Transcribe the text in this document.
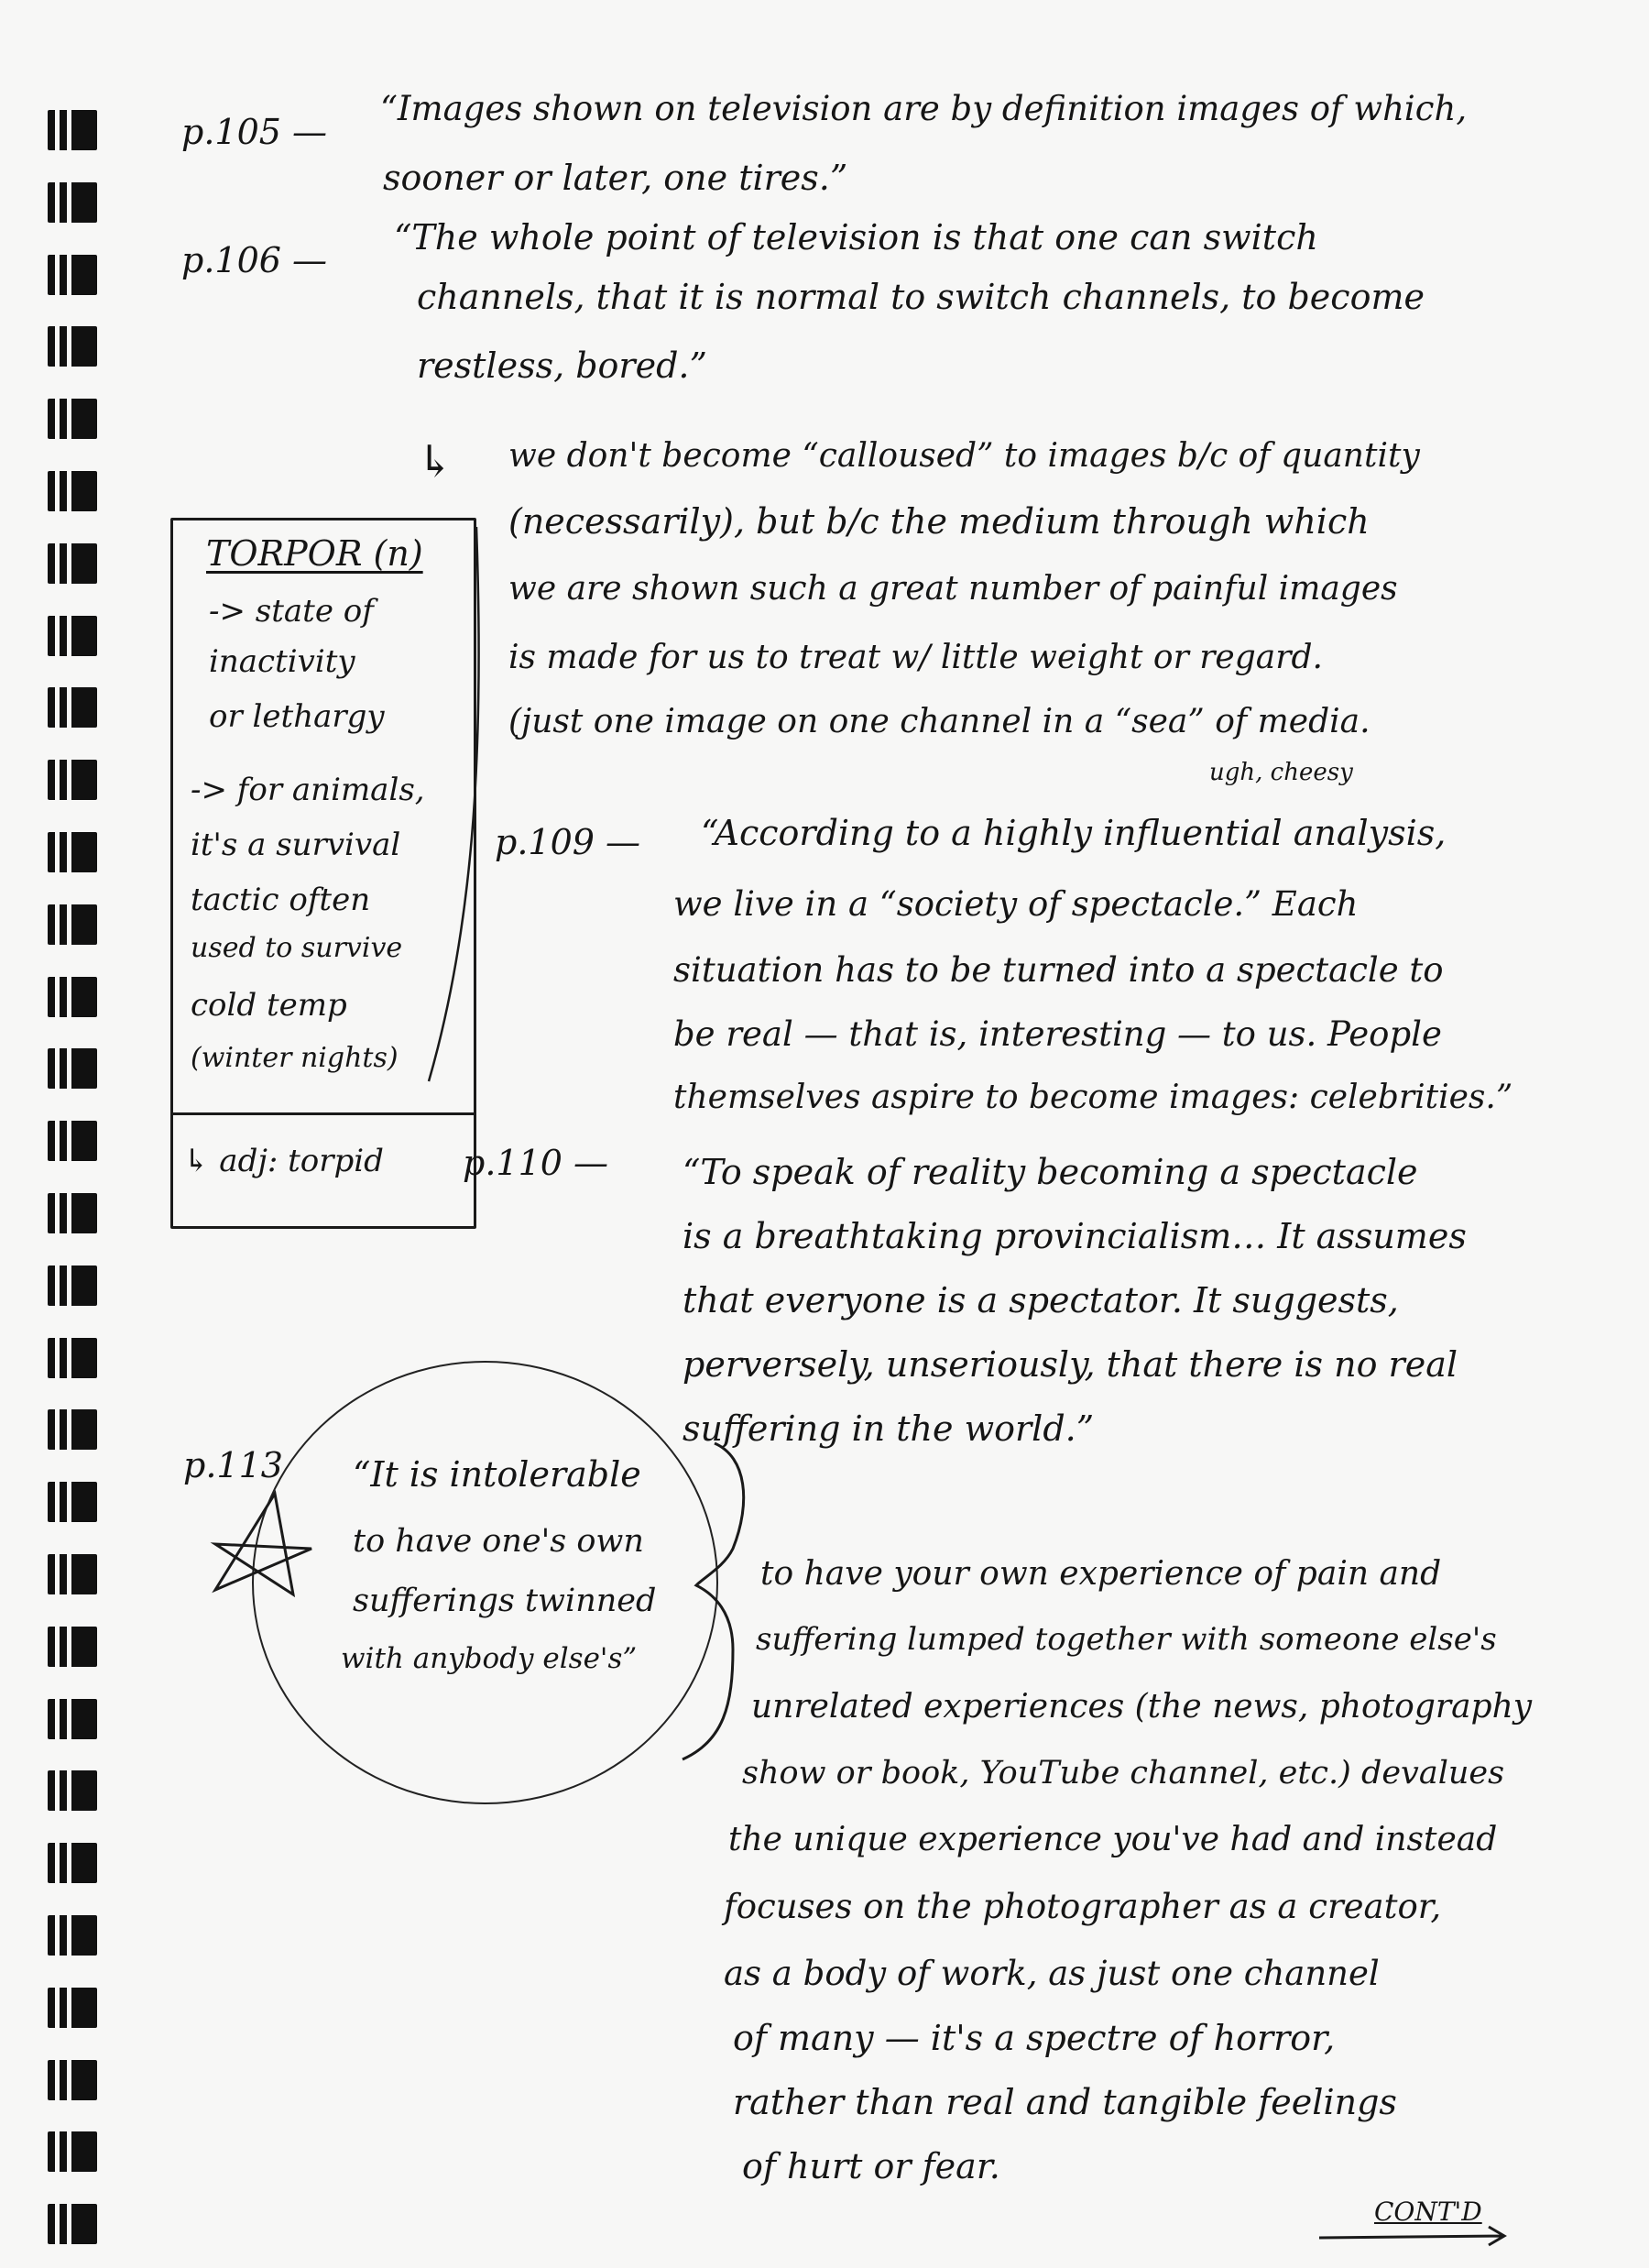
p.105 —
“Images shown on television are by definition images of which,
sooner or later, one tires.”
p.106 —
“The whole point of television is that one can switch
channels, that it is normal to switch channels, to become
restless, bored.”
↳ we don't become “calloused” to images b/c of quantity
(necessarily), but b/c the medium through which
we are shown such a great number of painful images
is made for us to treat w/ little weight or regard.
(just one image on one channel in a “sea” of media.
ugh, cheesy
TORPOR (n)
-> state of
inactivity
or lethargy
-> for animals,
it's a survival
tactic often
used to survive
cold temp
(winter nights)
↳ adj: torpid
p.109 — “According to a highly influential analysis,
we live in a “society of spectacle.” Each
situation has to be turned into a spectacle to
be real — that is, interesting — to us. People
themselves aspire to become images: celebrities.”
p.110 — “To speak of reality becoming a spectacle
is a breathtaking provincialism… It assumes
that everyone is a spectator. It suggests,
perversely, unseriously, that there is no real
suffering in the world.”
p.113 “It is intolerable
to have one's own
sufferings twinned
with anybody else's”
to have your own experience of pain and
suffering lumped together with someone else's
unrelated experiences (the news, photography
show or book, YouTube channel, etc.) devalues
the unique experience you've had and instead
focuses on the photographer as a creator,
as a body of work, as just one channel
of many — it's a spectre of horror,
rather than real and tangible feelings
of hurt or fear.
CONT'D
